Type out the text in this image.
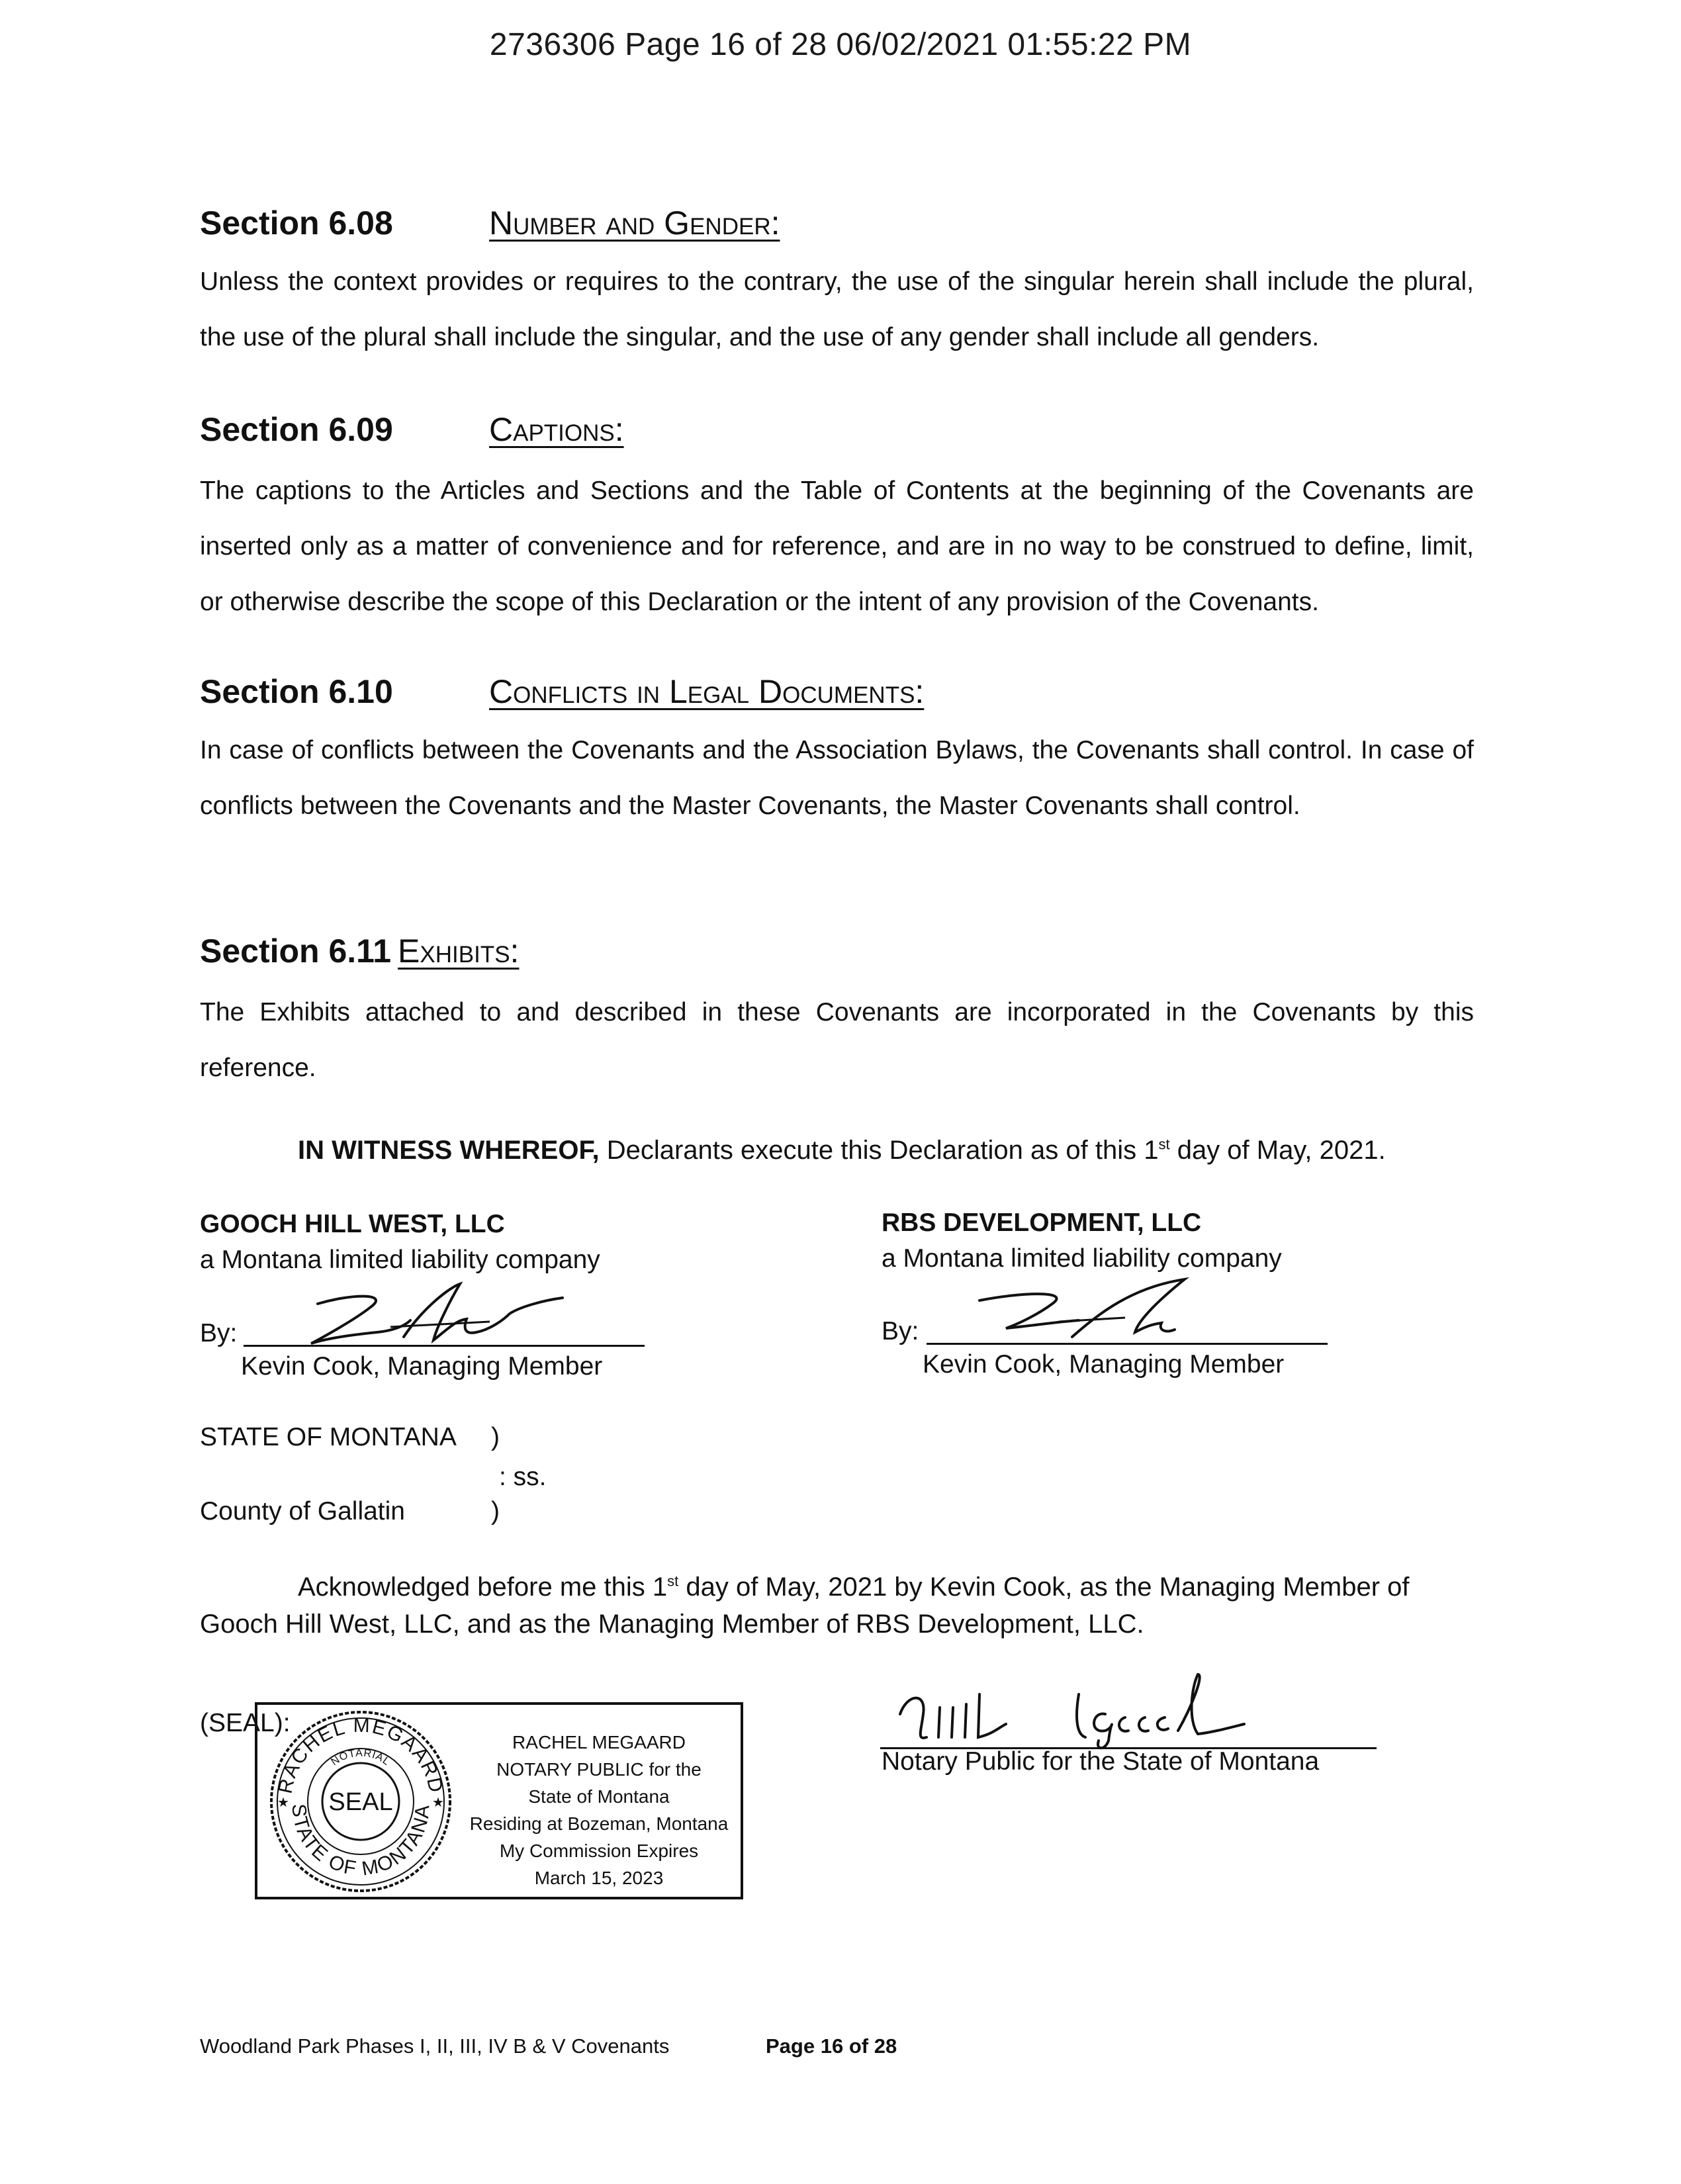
2736306 Page 16 of 28 06/02/2021 01:55:22 PM
Section 6.08	Number and Gender:
Unless the context provides or requires to the contrary, the use of the singular herein shall include the plural, the use of the plural shall include the singular, and the use of any gender shall include all genders.
Section 6.09	Captions:
The captions to the Articles and Sections and the Table of Contents at the beginning of the Covenants are inserted only as a matter of convenience and for reference, and are in no way to be construed to define, limit, or otherwise describe the scope of this Declaration or the intent of any provision of the Covenants.
Section 6.10	Conflicts in Legal Documents:
In case of conflicts between the Covenants and the Association Bylaws, the Covenants shall control. In case of conflicts between the Covenants and the Master Covenants, the Master Covenants shall control.
Section 6.11 Exhibits:
The Exhibits attached to and described in these Covenants are incorporated in the Covenants by this reference.
IN WITNESS WHEREOF, Declarants execute this Declaration as of this 1st day of May, 2021.
GOOCH HILL WEST, LLC
a Montana limited liability company
By:
Kevin Cook, Managing Member
RBS DEVELOPMENT, LLC
a Montana limited liability company
By:
Kevin Cook, Managing Member
STATE OF MONTANA )
: ss.
County of Gallatin	)
Acknowledged before me this 1st day of May, 2021 by Kevin Cook, as the Managing Member of Gooch Hill West, LLC, and as the Managing Member of RBS Development, LLC.
(SEAL):
RACHEL MEGAARD
STATE OF MONTANA
NOTARIAL
SEAL
★	★
RACHEL MEGAARD
NOTARY PUBLIC for the
State of Montana
Residing at Bozeman, Montana
My Commission Expires
March 15, 2023
Notary Public for the State of Montana
Woodland Park Phases I, II, III, IV B & V Covenants	Page 16 of 28
